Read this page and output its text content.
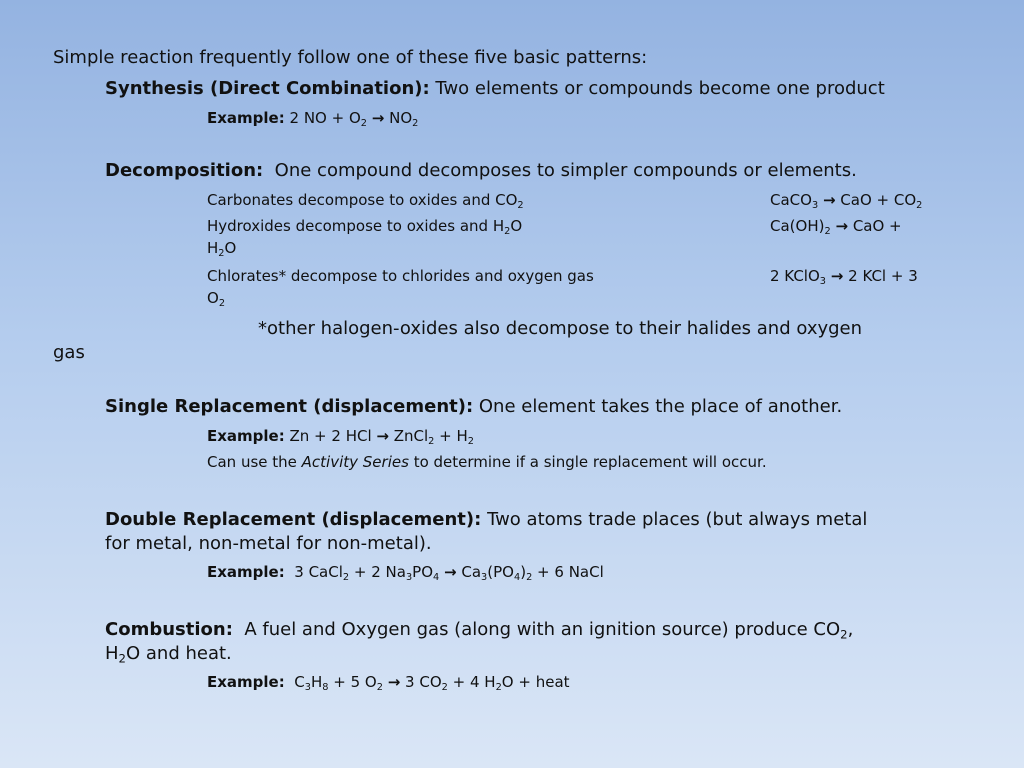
Simple reaction frequently follow one of these five basic patterns:
Synthesis (Direct Combination): Two elements or compounds become one product
Example: 2 NO + $O_2 \to NO_2$
Decomposition:  One compound decomposes to simpler compounds or elements.
Carbonates decompose to oxides and $CO_2$	CaCO$_3$ → CaO + $CO_2$
Hydroxides decompose to oxides and $H_2O$	$Ca(OH)_2$ → CaO +
$H_2O$
Chlorates* decompose to chlorides and oxygen gas	2 KClO$_3$ → 2 KCl + 3
$O_2$
*other halogen-oxides also decompose to their halides and oxygen
gas
Single Replacement (displacement): One element takes the place of another.
Example: Zn + 2 HCl → ZnCl$_2$ + $H_2$
Can use the Activity Series to determine if a single replacement will occur.
Double Replacement (displacement): Two atoms trade places (but always metal
for metal, non-metal for non-metal).
Example:  3 CaCl$_2$ + 2 $Na_3PO_4 \to Ca_3(PO_4)_2 + 6$ NaCl
Combustion:  A fuel and Oxygen gas (along with an ignition source) produce $CO_2$,
$H_2O$ and heat.
Example:  $C_3H_8 + 5$ $O_2 \to 3$ $CO_2 + 4$ $H_2O$ + heat
